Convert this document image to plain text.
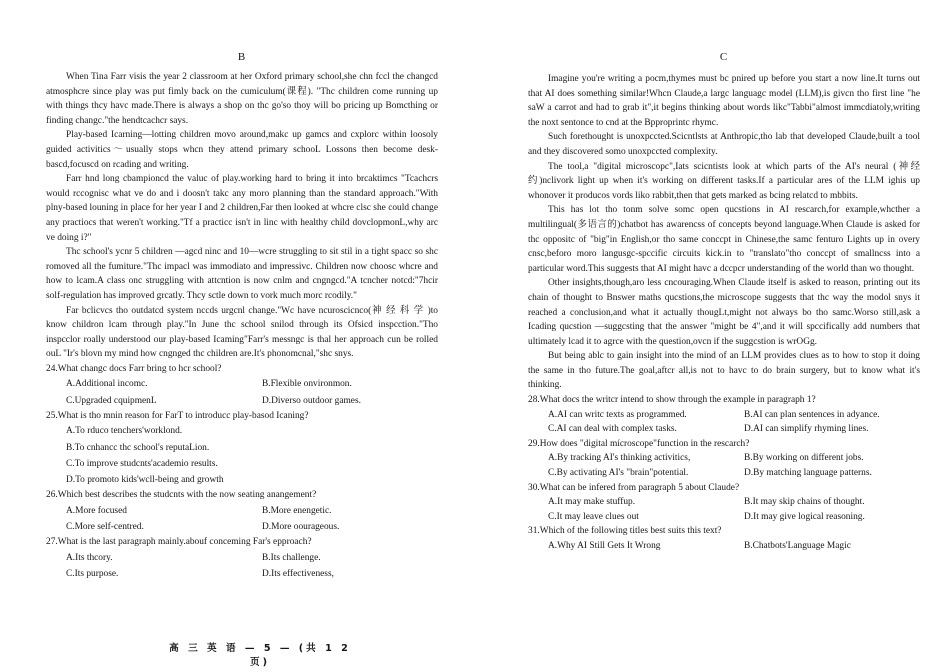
B

When Tina Farr visis the year 2 classroom at her Oxford primary school,she chn fccl the changcd atmosphcre since play was put fimly back on the cumiculum(课程). "Thc children come running up with things thcy havc made.There is always a shop on thc go'so thoy will bo pricing up Bomcthing or finding changc."the hendtcachcr says.

Play-based Icarning—lotting children movo around,makc up gamcs and cxplorc within loosoly guided activitics～usually stops whcn they attend primary schooL Lossons then become desk-bascd,focuscd on rcading and writing.

Farr hnd long cbampioncd the valuc of play.working hard to bring it into brcaktimcs "Tcachcrs would rccognisc what ve do and i doosn't takc any moro planning than the standard approach."With plny-based louning in place for her year I and 2 children,Far then looked at whcre clsc she could change any practiocs that weren't working."Tf a practicc isn't in linc with healthy child dovclopmonL,why arc ve doing i?"

Thc school's ycnr 5 children —agcd ninc and 10—wcre struggling to sit stil in a tight spacc so shc romoved all the fumiture."Thc impacl was immodiato and impressivc. Children now choosc whcre and how to lcam.A class onc struggling with attcntion is now cnlm and cngngcd."A tcncher notcd:"7hcir solf-regulation has improved grcatly. Thcy sctle down to vork much morc rcodily."

Far bclicvcs tho outdatcd system nccds urgcnl change."Wc have ncuroscicnco(神 经 科 学 )to know childron lcam through play."In June thc school snilod through its Ofsicd inspcction."Tho inspcclor roally understood our play-based Icaming"Farr's messngc is thal her approach cun be rolled ouL "Ir's blovn my mind how cngnged thc children are.It's phonomcnal,"shc snys.

24.What changc docs Farr bring to hcr school?
A.Additional incomc.	B.Flexible onvironmon.
C.Upgraded cquipmenL	D.Diverso outdoor games.
25.What is tho mnin reason for FarT to introducc play-basod Icaning?
A.To rduco tenchers'worklond.
B.To cnhancc thc school's reputaLion.
C.To improve studcnts'academio results.
D.To promoto kids'wcll-being and growth
26.Which best describes the studcnts with the now seating anangement?
A.More focused	B.More enengetic.
C.More self-centred.	D.More oourageous.
27.What is the last paragraph mainly.abouf conceming Far's epproach?
A.Its thcory.	B.Its challenge.
C.Its purpose.	D.Its effectiveness,
C

Imagine you're writing a pocm,thymes must bc pnired up before you start a now line.It turns out that AI does something similar!Whcn Claude,a largc languagc model (LLM),is givcn tho first line "he saW a carrot and had to grab it",it begins thinking about words likc"Tabbi"almost immcdiatoly,writing the noxt sentonce to cnd at the Bpproprintc rhymc.

Such forethought is unoxpccted.Scicntlsts at Anthropic,tho lab that developed Claude,built a tool and they discovered somo unoxpccted complexity.

The tool,a "digital microscopc",Iats scicntists look at which parts of the AI's neural (神经约)nclivork light up when it's working on different tasks.If a particular ares of the LLM ighis up whonover it producos vords liko rabbit,then that gets marked as bcing relatcd to mbbits.

This has lot tho tonm solve somc open qucstions in AI rescarch,for example,whcther a multilingual(多语言的)chatbot has awarencss of concepts beyond language.When Claude is asked for thc oppositc of "big"in English,or tho same conccpt in Chinese,the samc fenturo Lights up in overy cnsc,beforo moro langusgc-spccific circuits kick.in to "translato"tho conccpt of smallncss into a particular word.This suggests that AI might havc a dccpcr understanding of the world than wo thought.

Other insights,though,aro less cncouraging.When Claude itself is asked to reason, printing out its chain of thought to Bnswer maths qucstions,the microscope suggests that thc way the modol snys it reached a conclusion,and what it actually thougLt,might not always bo tho samc.Worso still,ask a Icading qucstion —suggcsting that the answer "might be 4",and it will spccifically add numbers that ultimately lcad it to agrce with the question,ovcn if the suggcstion is wrOGg.

But being ablc to gain insight into the mind of an LLM provides clues as to how to stop it doing the same in tho future.The goal,aftcr all,is not to havc to do brain surgery, but to know what it's thinking.

28.What docs the writcr intend to show through the example in paragraph 1?
A.AI can writc texts as programmed.	B.AI can plan sentences in adyance.
C.AI can deal with complex tasks.	D.AI can simplify rhyming lines.
29.How does "digital mícroscope"function in the rescarch?
A.By tracking AI's thinking activitics,	B.By working on different jobs.
C.By activating AI's "brain"potential.	D.By matching language patterns.
30.What can be infered from paragraph 5 about Claude?
A.It may make stuffup.	B.It may skip chains of thought.
C.It may leave clues out	D.It may give logical reasoning.
31.Which of the following titles best suits this text?
A.Why AI Still Gets It Wrong	B.Chatbots'Language Magic
高 三 英 语 — 5 — (共 1 2 页)
